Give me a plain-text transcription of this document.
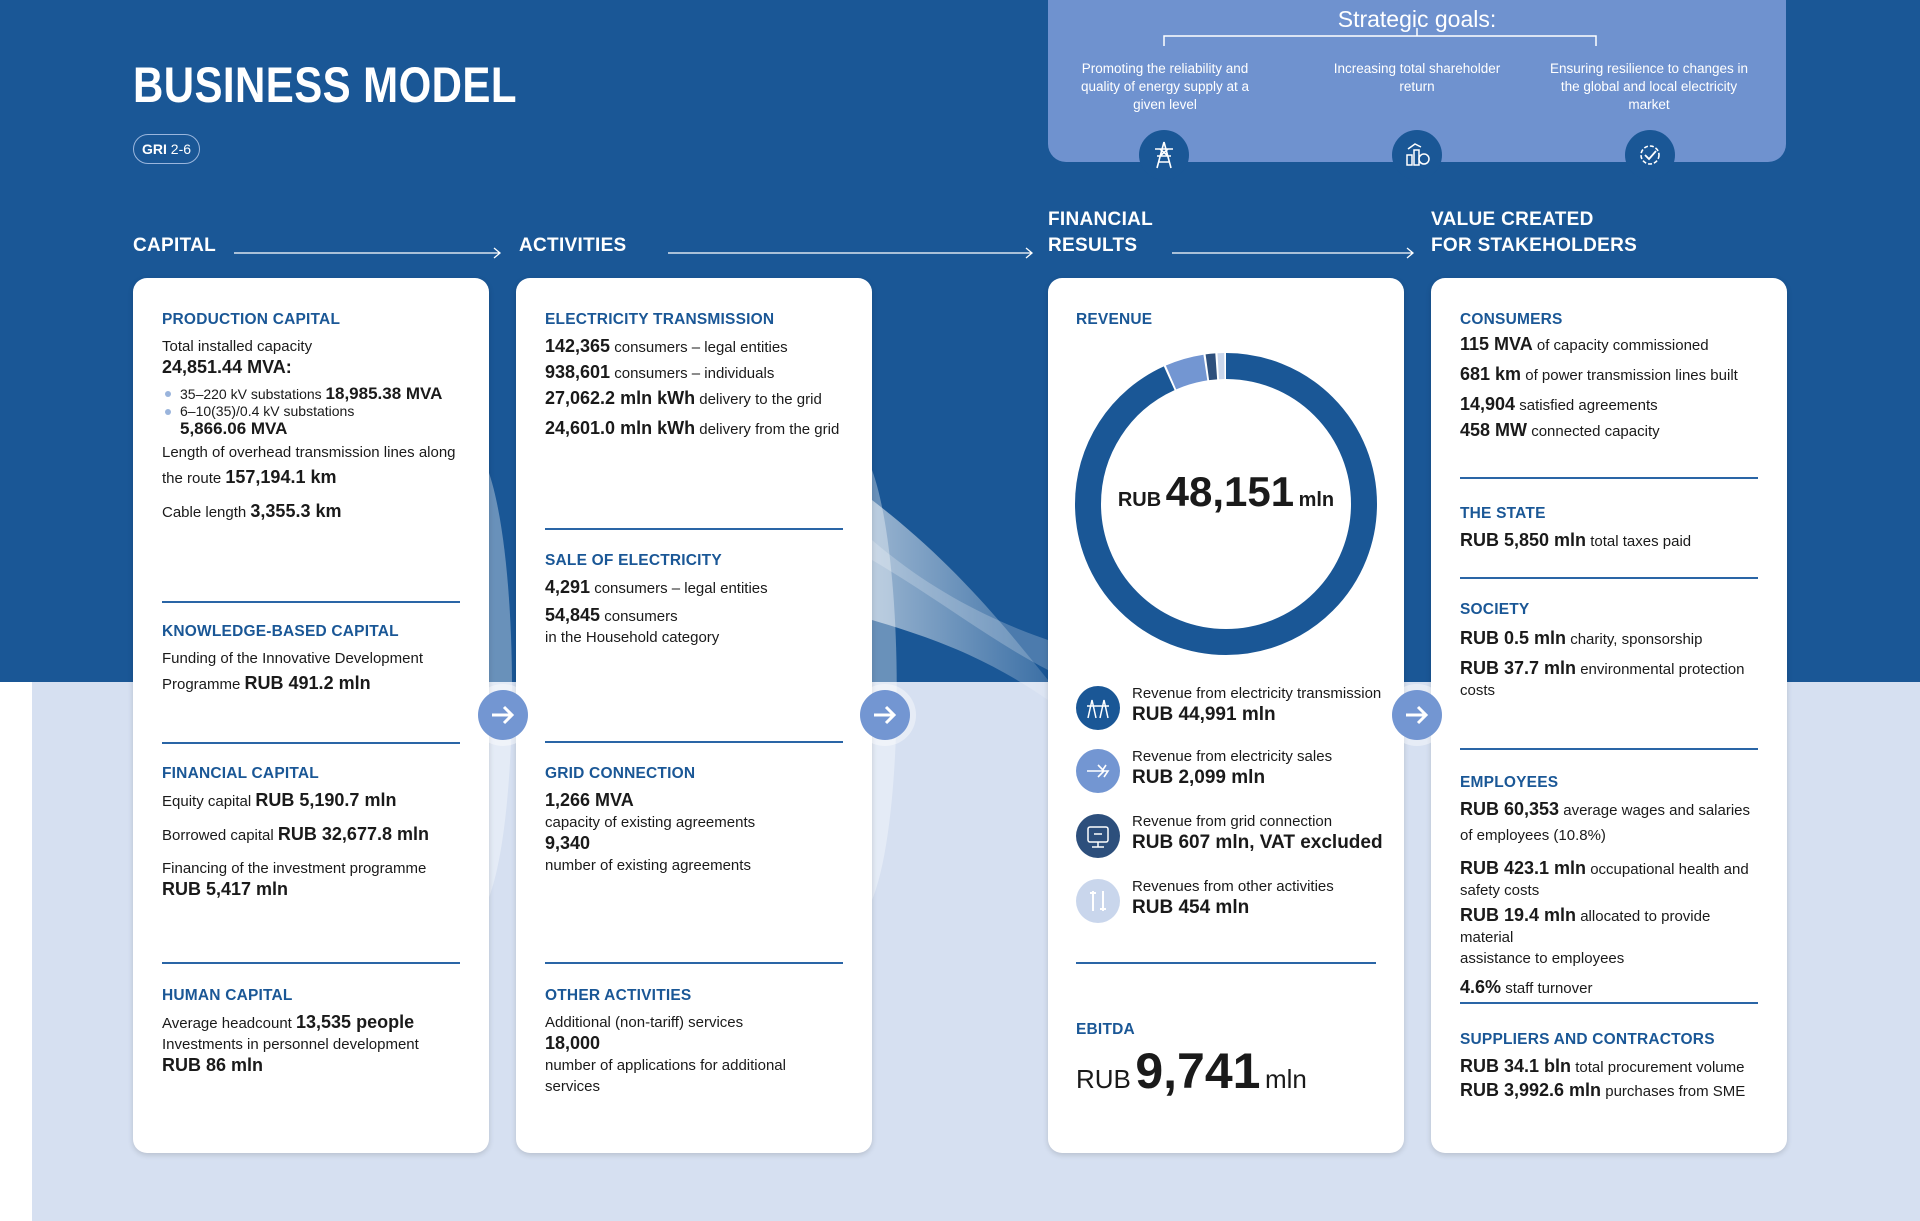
BUSINESS MODEL
GRI 2-6
Strategic goals:
Promoting the reliability and quality of energy supply at a given level
Increasing total shareholder return
Ensuring resilience to changes in the global and local electricity market
CAPITAL	ACTIVITIES
FINANCIAL
RESULTS
VALUE CREATED
FOR STAKEHOLDERS
PRODUCTION CAPITAL
Total installed capacity
24,851.44 MVA:
35–220 kV substations 18,985.38 MVA
6–10(35)/0.4 kV substations
5,866.06 MVA
Length of overhead transmission lines along
the route 157,194.1 km
Cable length 3,355.3 km
KNOWLEDGE-BASED CAPITAL
Funding of the Innovative Development
Programme RUB 491.2 mln
FINANCIAL CAPITAL
Equity capital RUB 5,190.7 mln
Borrowed capital RUB 32,677.8 mln
Financing of the investment programme
RUB 5,417 mln
HUMAN CAPITAL
Average headcount 13,535 people
Investments in personnel development
RUB 86 mln
ELECTRICITY TRANSMISSION
142,365 consumers – legal entities
938,601 consumers – individuals
27,062.2 mln kWh delivery to the grid
24,601.0 mln kWh delivery from the grid
SALE OF ELECTRICITY
4,291 consumers – legal entities
54,845 consumers
in the Household category
GRID CONNECTION
1,266 MVA
capacity of existing agreements
9,340
number of existing agreements
OTHER ACTIVITIES
Additional (non-tariff) services
18,000
number of applications for additional services
REVENUE
RUB 48,151 mln
Revenue from electricity transmission
RUB 44,991 mln
Revenue from electricity sales
RUB 2,099 mln
Revenue from grid connection
RUB 607 mln, VAT excluded
Revenues from other activities
RUB 454 mln
EBITDA
RUB 9,741 mln
CONSUMERS
115 MVA of capacity commissioned
681 km of power transmission lines built
14,904 satisfied agreements
458 MW connected capacity
THE STATE
RUB 5,850 mln total taxes paid
SOCIETY
RUB 0.5 mln charity, sponsorship
RUB 37.7 mln environmental protection
costs
EMPLOYEES
RUB 60,353 average wages and salaries
of employees (10.8%)
RUB 423.1 mln occupational health and
safety costs
RUB 19.4 mln allocated to provide material
assistance to employees
4.6% staff turnover
SUPPLIERS AND CONTRACTORS
RUB 34.1 bln total procurement volume
RUB 3,992.6 mln purchases from SME
